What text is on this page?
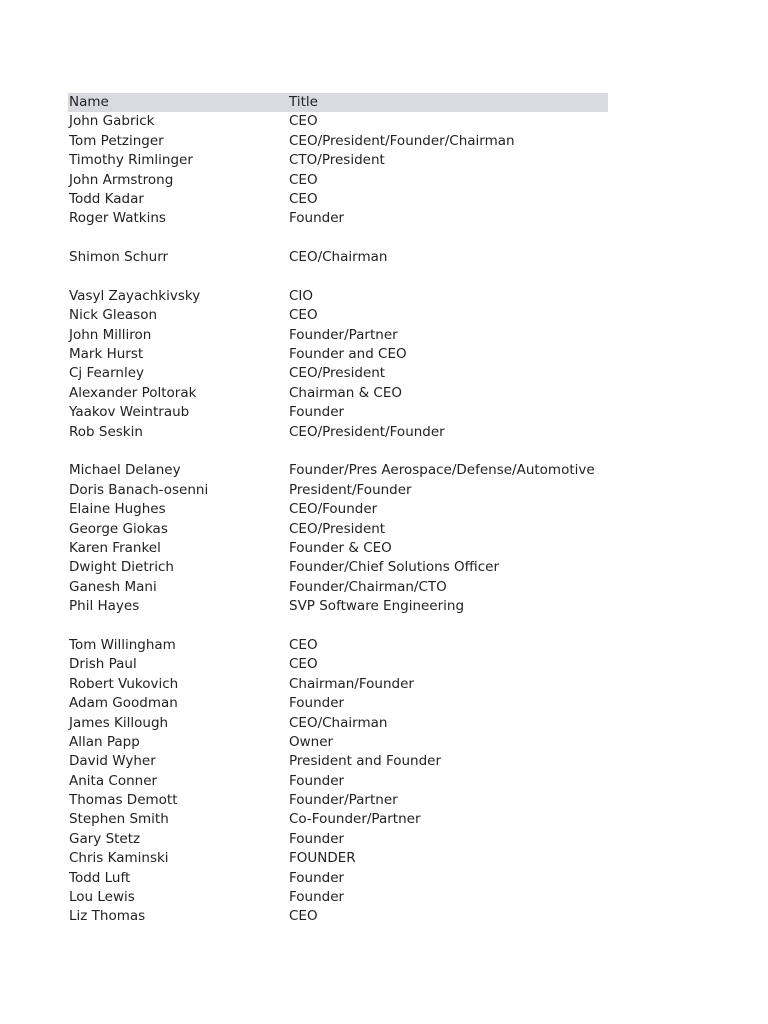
Name	Title
John Gabrick	CEO
Tom Petzinger	CEO/President/Founder/Chairman
Timothy Rimlinger	CTO/President
John Armstrong	CEO
Todd Kadar	CEO
Roger Watkins	Founder
Shimon Schurr	CEO/Chairman
Vasyl Zayachkivsky	CIO
Nick Gleason	CEO
John Milliron	Founder/Partner
Mark Hurst	Founder and CEO
Cj Fearnley	CEO/President
Alexander Poltorak	Chairman & CEO
Yaakov Weintraub	Founder
Rob Seskin	CEO/President/Founder
Michael Delaney	Founder/Pres Aerospace/Defense/Automotive
Doris Banach-osenni	President/Founder
Elaine Hughes	CEO/Founder
George Giokas	CEO/President
Karen Frankel	Founder & CEO
Dwight Dietrich	Founder/Chief Solutions Officer
Ganesh Mani	Founder/Chairman/CTO
Phil Hayes	SVP Software Engineering
Tom Willingham	CEO
Drish Paul	CEO
Robert Vukovich	Chairman/Founder
Adam Goodman	Founder
James Killough	CEO/Chairman
Allan Papp	Owner
David Wyher	President and Founder
Anita Conner	Founder
Thomas Demott	Founder/Partner
Stephen Smith	Co-Founder/Partner
Gary Stetz	Founder
Chris Kaminski	FOUNDER
Todd Luft	Founder
Lou Lewis	Founder
Liz Thomas	CEO
